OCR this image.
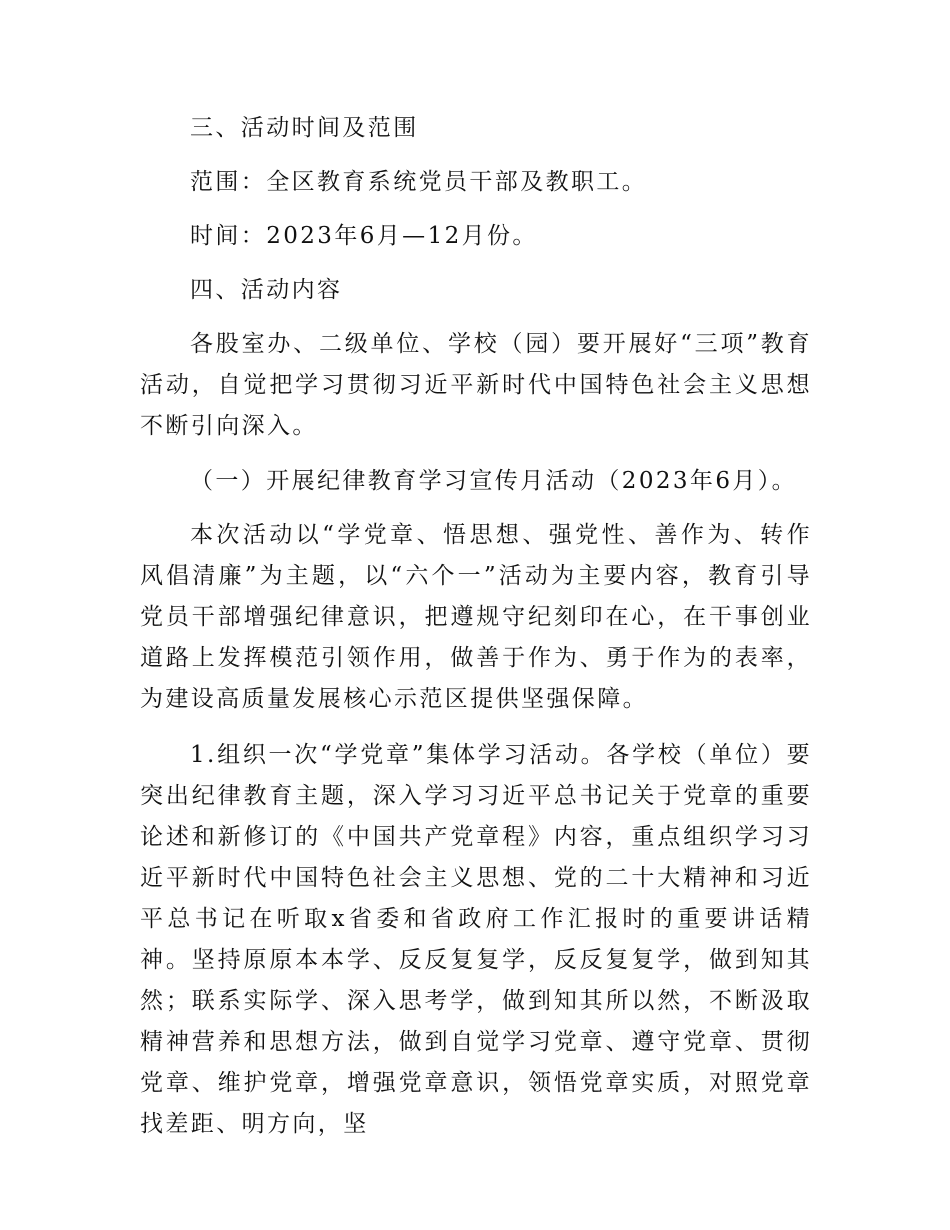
三、活动时间及范围

范围：全区教育系统党员干部及教职工。

时间：2023年6月—12月份。

四、活动内容

各股室办、二级单位、学校（园）要开展好“三项”教育活动，自觉把学习贯彻习近平新时代中国特色社会主义思想不断引向深入。

（一）开展纪律教育学习宣传月活动（2023年6月）。

本次活动以“学党章、悟思想、强党性、善作为、转作风倡清廉”为主题，以“六个一”活动为主要内容，教育引导党员干部增强纪律意识，把遵规守纪刻印在心，在干事创业道路上发挥模范引领作用，做善于作为、勇于作为的表率，为建设高质量发展核心示范区提供坚强保障。

1.组织一次“学党章”集体学习活动。各学校（单位）要突出纪律教育主题，深入学习习近平总书记关于党章的重要论述和新修订的《中国共产党章程》内容，重点组织学习习近平新时代中国特色社会主义思想、党的二十大精神和习近平总书记在听取x省委和省政府工作汇报时的重要讲话精神。坚持原原本本学、反反复复学，反反复复学，做到知其然；联系实际学、深入思考学，做到知其所以然，不断汲取精神营养和思想方法，做到自觉学习党章、遵守党章、贯彻党章、维护党章，增强党章意识，领悟党章实质，对照党章找差距、明方向，坚
